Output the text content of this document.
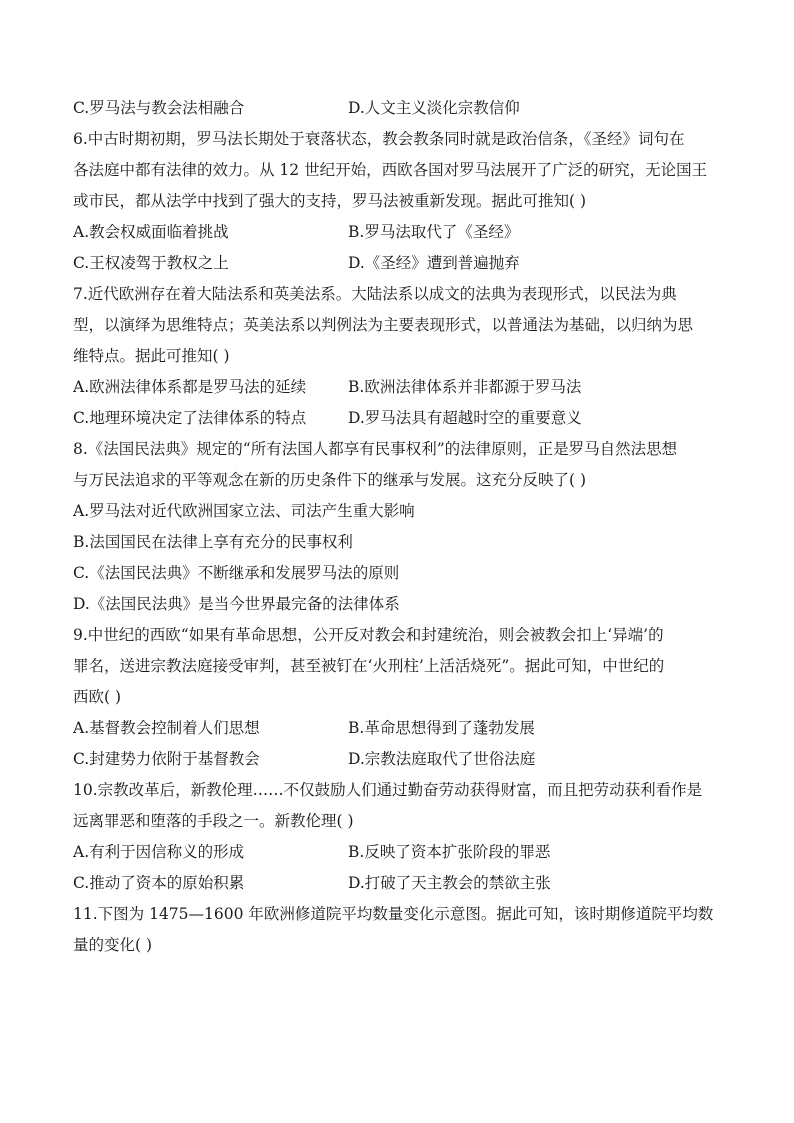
C.罗马法与教会法相融合	D.人文主义淡化宗教信仰
6.中古时期初期，罗马法长期处于衰落状态，教会教条同时就是政治信条，《圣经》词句在
各法庭中都有法律的效力。从 12 世纪开始，西欧各国对罗马法展开了广泛的研究，无论国王
或市民，都从法学中找到了强大的支持，罗马法被重新发现。据此可推知( )
A.教会权威面临着挑战	B.罗马法取代了《圣经》
C.王权凌驾于教权之上	D.《圣经》遭到普遍抛弃
7.近代欧洲存在着大陆法系和英美法系。大陆法系以成文的法典为表现形式，以民法为典
型，以演绎为思维特点；英美法系以判例法为主要表现形式，以普通法为基础，以归纳为思
维特点。据此可推知( )
A.欧洲法律体系都是罗马法的延续	B.欧洲法律体系并非都源于罗马法
C.地理环境决定了法律体系的特点	D.罗马法具有超越时空的重要意义
8.《法国民法典》规定的“所有法国人都享有民事权利”的法律原则，正是罗马自然法思想
与万民法追求的平等观念在新的历史条件下的继承与发展。这充分反映了( )
A.罗马法对近代欧洲国家立法、司法产生重大影响
B.法国国民在法律上享有充分的民事权利
C.《法国民法典》不断继承和发展罗马法的原则
D.《法国民法典》是当今世界最完备的法律体系
9.中世纪的西欧“如果有革命思想，公开反对教会和封建统治，则会被教会扣上‘异端’的
罪名，送进宗教法庭接受审判，甚至被钉在‘火刑柱’上活活烧死”。据此可知，中世纪的
西欧( )
A.基督教会控制着人们思想	B.革命思想得到了蓬勃发展
C.封建势力依附于基督教会	D.宗教法庭取代了世俗法庭
10.宗教改革后，新教伦理……不仅鼓励人们通过勤奋劳动获得财富，而且把劳动获利看作是
远离罪恶和堕落的手段之一。新教伦理( )
A.有利于因信称义的形成	B.反映了资本扩张阶段的罪恶
C.推动了资本的原始积累	D.打破了天主教会的禁欲主张
11.下图为 1475—1600 年欧洲修道院平均数量变化示意图。据此可知，该时期修道院平均数
量的变化( )
